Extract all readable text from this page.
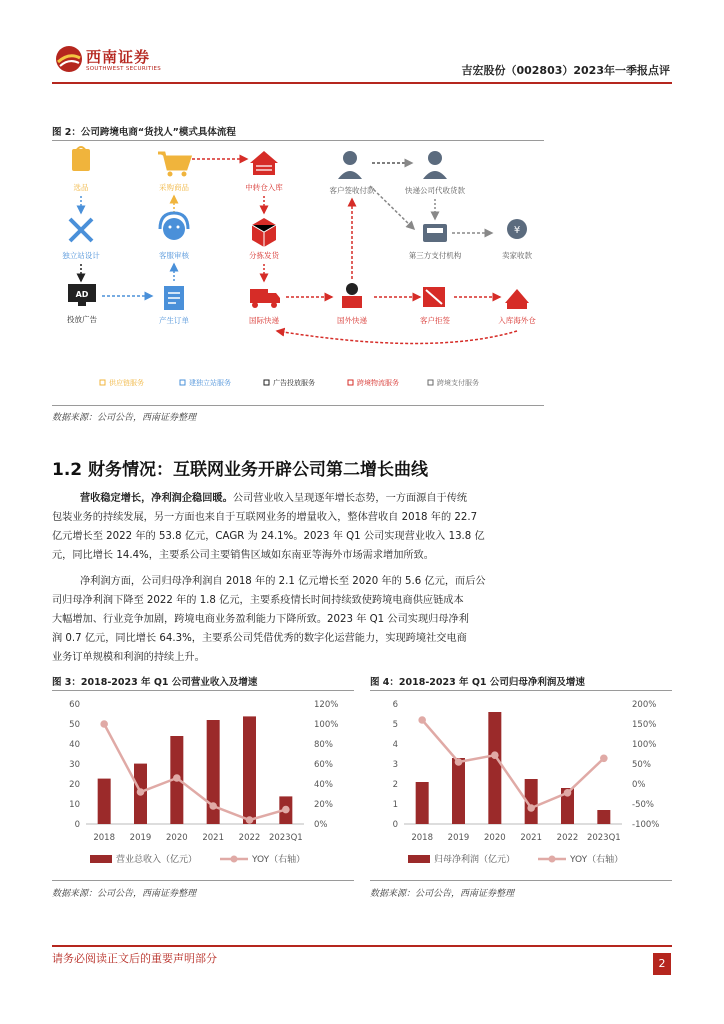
西南证券
SOUTHWEST SECURITIES	吉宏股份（002803）2023年一季报点评
图 2：公司跨境电商“货找人”模式具体流程
选品
独立站设计
AD
投放广告
采购商品
客服审核
产生订单
中转仓入库
分拣发货
国际快递
客户签收付款
国外快递
快递公司代收货款
第三方支付机构
客户拒签
¥
卖家收款
入库海外仓
供应链服务	建独立站服务	广告投放服务	跨境物流服务	跨境支付服务
数据来源：公司公告，西南证券整理
1.2 财务情况：互联网业务开辟公司第二增长曲线
营收稳定增长，净利润企稳回暖。公司营业收入呈现逐年增长态势，一方面源自于传统
包装业务的持续发展，另一方面也来自于互联网业务的增量收入，整体营收自 2018 年的 22.7
亿元增长至 2022 年的 53.8 亿元，CAGR 为 24.1%。2023 年 Q1 公司实现营业收入 13.8 亿
元，同比增长 14.4%，主要系公司主要销售区域如东南亚等海外市场需求增加所致。
净利润方面，公司归母净利润自 2018 年的 2.1 亿元增长至 2020 年的 5.6 亿元，而后公
司归母净利润下降至 2022 年的 1.8 亿元，主要系疫情长时间持续致使跨境电商供应链成本
大幅增加、行业竞争加剧，跨境电商业务盈利能力下降所致。2023 年 Q1 公司实现归母净利
润 0.7 亿元，同比增长 64.3%，主要系公司凭借优秀的数字化运营能力，实现跨境社交电商
业务订单规模和利润的持续上升。
图 3：2018-2023 年 Q1 公司营业收入及增速	图 4：2018-2023 年 Q1 公司归母净利润及增速
0
10
20
30
40
50
60
0%
20%
40%
60%
80%
100%
120%
2018 2019 2020 2021 2022 2023Q1
营业总收入（亿元）	YOY（右轴）
0
1
2
3
4
5
6
-100%
-50%
0%
50%
100%
150%
200%
2018 2019 2020 2021 2022 2023Q1
归母净利润（亿元）	YOY（右轴）
数据来源：公司公告，西南证券整理	数据来源：公司公告，西南证券整理
请务必阅读正文后的重要声明部分	2
